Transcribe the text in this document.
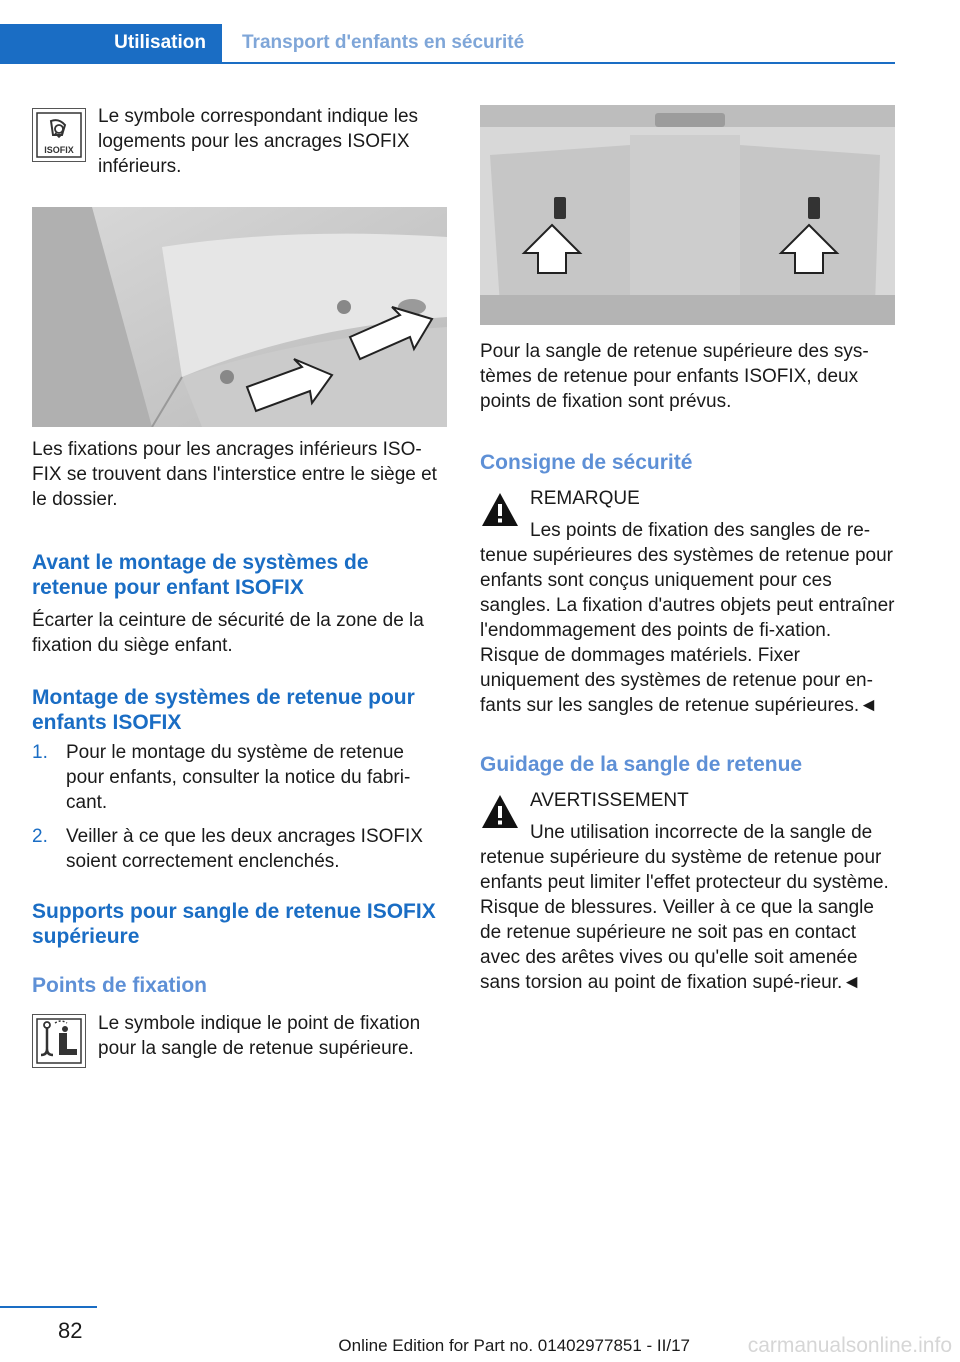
Utilisation	Transport d'enfants en sécurité
ISOFIX

Le symbole correspondant indique les logements pour les ancrages ISOFIX inférieurs.

Les fixations pour les ancrages inférieurs ISO-FIX se trouvent dans l'interstice entre le siège et le dossier.

Avant le montage de systèmes de retenue pour enfant ISOFIX

Écarter la ceinture de sécurité de la zone de la fixation du siège enfant.

Montage de systèmes de retenue pour enfants ISOFIX
1. Pour le montage du système de retenue pour enfants, consulter la notice du fabri-cant.

2. Veiller à ce que les deux ancrages ISOFIX soient correctement enclenchés.

Supports pour sangle de retenue ISOFIX supérieure
Points de fixation

Le symbole indique le point de fixation pour la sangle de retenue supérieure.

Pour la sangle de retenue supérieure des sys-tèmes de retenue pour enfants ISOFIX, deux points de fixation sont prévus.

Consigne de sécurité

REMARQUE

Les points de fixation des sangles de re-

tenue supérieures des systèmes de retenue pour enfants sont conçus uniquement pour ces sangles. La fixation d'autres objets peut entraîner l'endommagement des points de fi-xation. Risque de dommages matériels. Fixer uniquement des systèmes de retenue pour en-fants sur les sangles de retenue supérieures.◄

Guidage de la sangle de retenue

AVERTISSEMENT

Une utilisation incorrecte de la sangle de

retenue supérieure du système de retenue pour enfants peut limiter l'effet protecteur du système. Risque de blessures. Veiller à ce que la sangle de retenue supérieure ne soit pas en contact avec des arêtes vives ou qu'elle soit amenée sans torsion au point de fixation supé-rieur.◄

82
Online Edition for Part no. 01402977851 - II/17	carmanualsonline.info
